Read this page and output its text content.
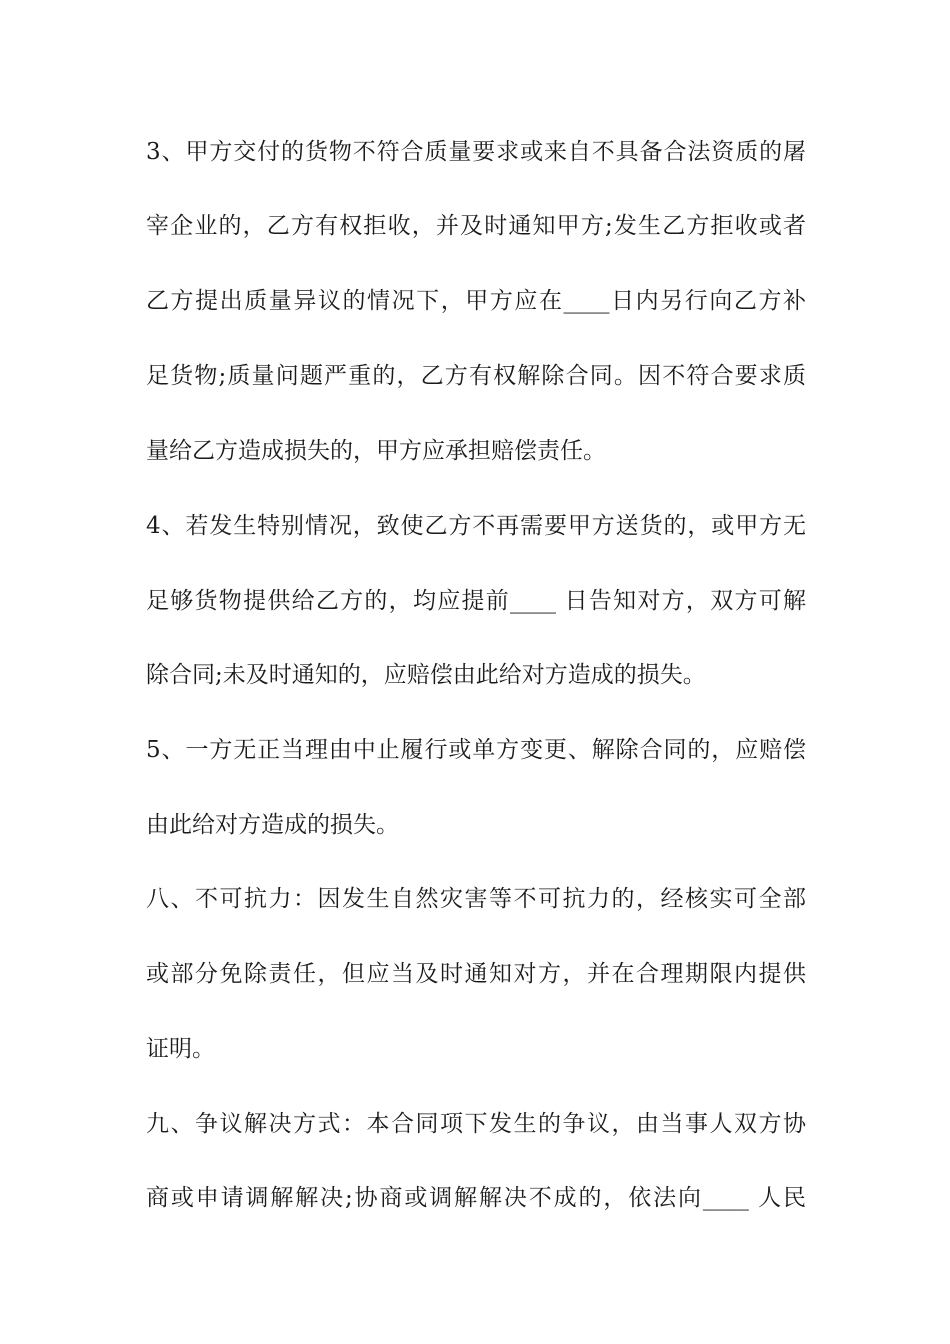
3、甲方交付的货物不符合质量要求或来自不具备合法资质的屠
宰企业的，乙方有权拒收，并及时通知甲方;发生乙方拒收或者
乙方提出质量异议的情况下，甲方应在____日内另行向乙方补
足货物;质量问题严重的，乙方有权解除合同。因不符合要求质
量给乙方造成损失的，甲方应承担赔偿责任。
4、若发生特别情况，致使乙方不再需要甲方送货的，或甲方无
足够货物提供给乙方的，均应提前____ 日告知对方，双方可解
除合同;未及时通知的，应赔偿由此给对方造成的损失。
5、一方无正当理由中止履行或单方变更、解除合同的，应赔偿
由此给对方造成的损失。
八、不可抗力：因发生自然灾害等不可抗力的，经核实可全部
或部分免除责任，但应当及时通知对方，并在合理期限内提供
证明。
九、争议解决方式：本合同项下发生的争议，由当事人双方协
商或申请调解解决;协商或调解解决不成的，依法向____ 人民
